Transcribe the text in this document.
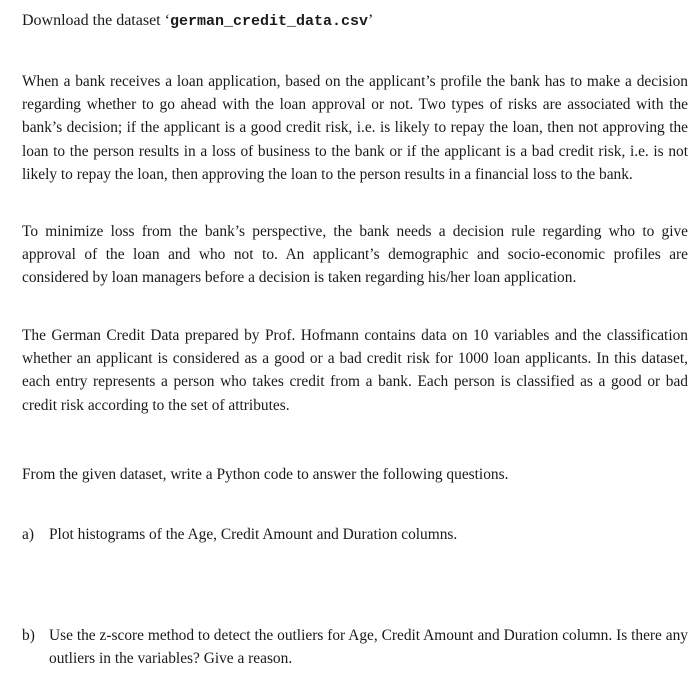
Download the dataset ‘german_credit_data.csv’

When a bank receives a loan application, based on the applicant’s profile the bank has to make a decision regarding whether to go ahead with the loan approval or not. Two types of risks are associated with the bank’s decision; if the applicant is a good credit risk, i.e. is likely to repay the loan, then not approving the loan to the person results in a loss of business to the bank or if the applicant is a bad credit risk, i.e. is not likely to repay the loan, then approving the loan to the person results in a financial loss to the bank.

To minimize loss from the bank’s perspective, the bank needs a decision rule regarding who to give approval of the loan and who not to. An applicant’s demographic and socio-economic profiles are considered by loan managers before a decision is taken regarding his/her loan application.

The German Credit Data prepared by Prof. Hofmann contains data on 10 variables and the classification whether an applicant is considered as a good or a bad credit risk for 1000 loan applicants. In this dataset, each entry represents a person who takes credit from a bank. Each person is classified as a good or bad credit risk according to the set of attributes.

From the given dataset, write a Python code to answer the following questions.
a) Plot histograms of the Age, Credit Amount and Duration columns.
b) Use the z-score method to detect the outliers for Age, Credit Amount and Duration column. Is there any outliers in the variables? Give a reason.
